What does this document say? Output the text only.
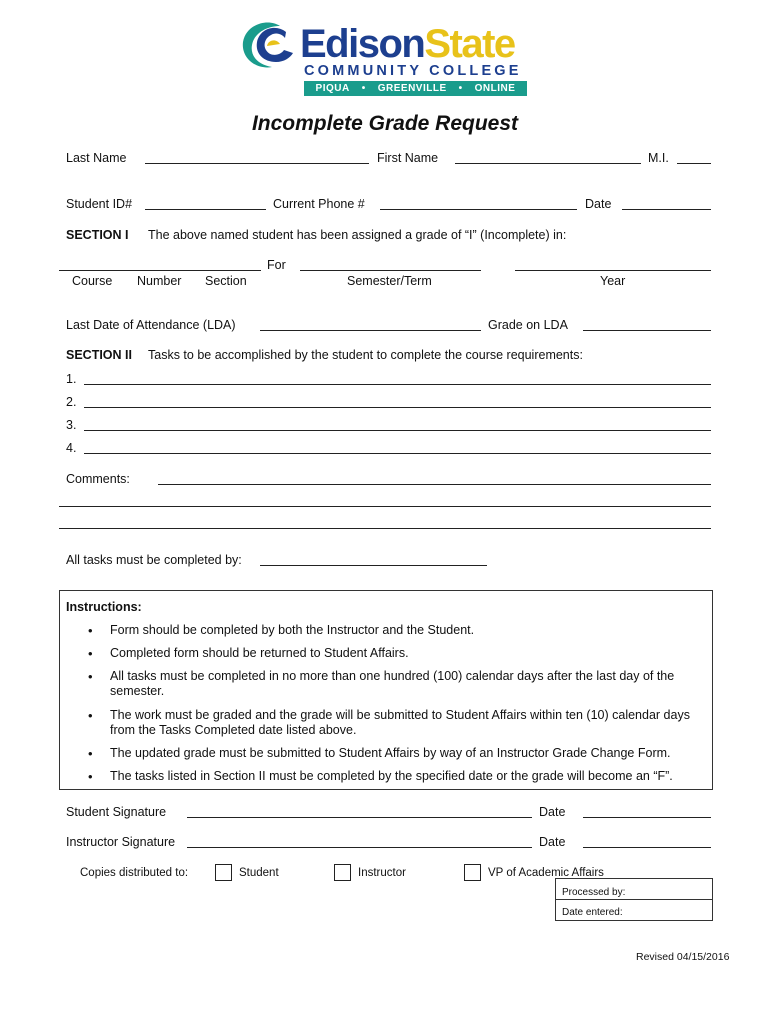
EdisonState
COMMUNITY COLLEGE
PIQUA • GREENVILLE • ONLINE
Incomplete Grade Request
Last Name	First Name	M.I.
Student ID#	Current Phone #	Date
SECTION I The above named student has been assigned a grade of “I” (Incomplete) in:
For
Course Number Section	Semester/Term	Year
Last Date of Attendance (LDA)	Grade on LDA
SECTION II Tasks to be accomplished by the student to complete the course requirements:
1.
2.
3.
4.
Comments:
All tasks must be completed by:
Instructions:
• Form should be completed by both the Instructor and the Student.
• Completed form should be returned to Student Affairs.
• All tasks must be completed in no more than one hundred (100) calendar days after the last day of the semester.
• The work must be graded and the grade will be submitted to Student Affairs within ten (10) calendar days from the Tasks Completed date listed above.
• The updated grade must be submitted to Student Affairs by way of an Instructor Grade Change Form.
• The tasks listed in Section II must be completed by the specified date or the grade will become an “F”.
Student Signature	Date
Instructor Signature	Date
Copies distributed to:	Student	Instructor	VP of Academic Affairs
Processed by:
Date entered:
Revised 04/15/2016
